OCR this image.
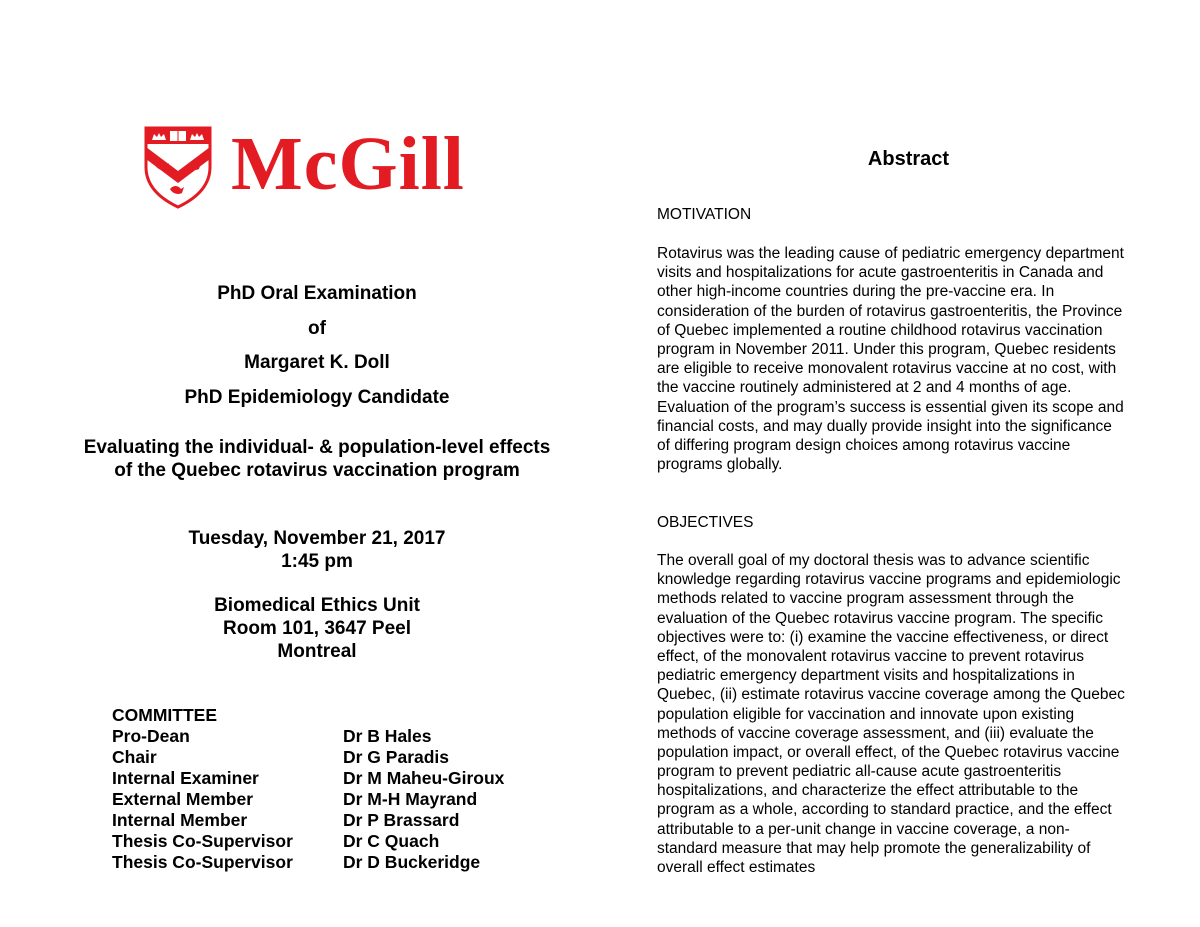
McGill
PhD Oral Examination
of
Margaret K. Doll
PhD Epidemiology Candidate
Evaluating the individual- & population-level effects
of the Quebec rotavirus vaccination program
Tuesday, November 21, 2017
1:45 pm
Biomedical Ethics Unit
Room 101, 3647 Peel
Montreal
COMMITTEE
Pro-Dean	Dr B Hales
Chair	Dr G Paradis
Internal Examiner	Dr M Maheu-Giroux
External Member	Dr M-H Mayrand
Internal Member	Dr P Brassard
Thesis Co-Supervisor	Dr C Quach
Thesis Co-Supervisor	Dr D Buckeridge
Abstract
MOTIVATION
Rotavirus was the leading cause of pediatric emergency department
visits and hospitalizations for acute gastroenteritis in Canada and
other high-income countries during the pre-vaccine era. In
consideration of the burden of rotavirus gastroenteritis, the Province
of Quebec implemented a routine childhood rotavirus vaccination
program in November 2011. Under this program, Quebec residents
are eligible to receive monovalent rotavirus vaccine at no cost, with
the vaccine routinely administered at 2 and 4 months of age.
Evaluation of the program’s success is essential given its scope and
financial costs, and may dually provide insight into the significance
of differing program design choices among rotavirus vaccine
programs globally.
OBJECTIVES
The overall goal of my doctoral thesis was to advance scientific
knowledge regarding rotavirus vaccine programs and epidemiologic
methods related to vaccine program assessment through the
evaluation of the Quebec rotavirus vaccine program. The specific
objectives were to: (i) examine the vaccine effectiveness, or direct
effect, of the monovalent rotavirus vaccine to prevent rotavirus
pediatric emergency department visits and hospitalizations in
Quebec, (ii) estimate rotavirus vaccine coverage among the Quebec
population eligible for vaccination and innovate upon existing
methods of vaccine coverage assessment, and (iii) evaluate the
population impact, or overall effect, of the Quebec rotavirus vaccine
program to prevent pediatric all-cause acute gastroenteritis
hospitalizations, and characterize the effect attributable to the
program as a whole, according to standard practice, and the effect
attributable to a per-unit change in vaccine coverage, a non-
standard measure that may help promote the generalizability of
overall effect estimates
